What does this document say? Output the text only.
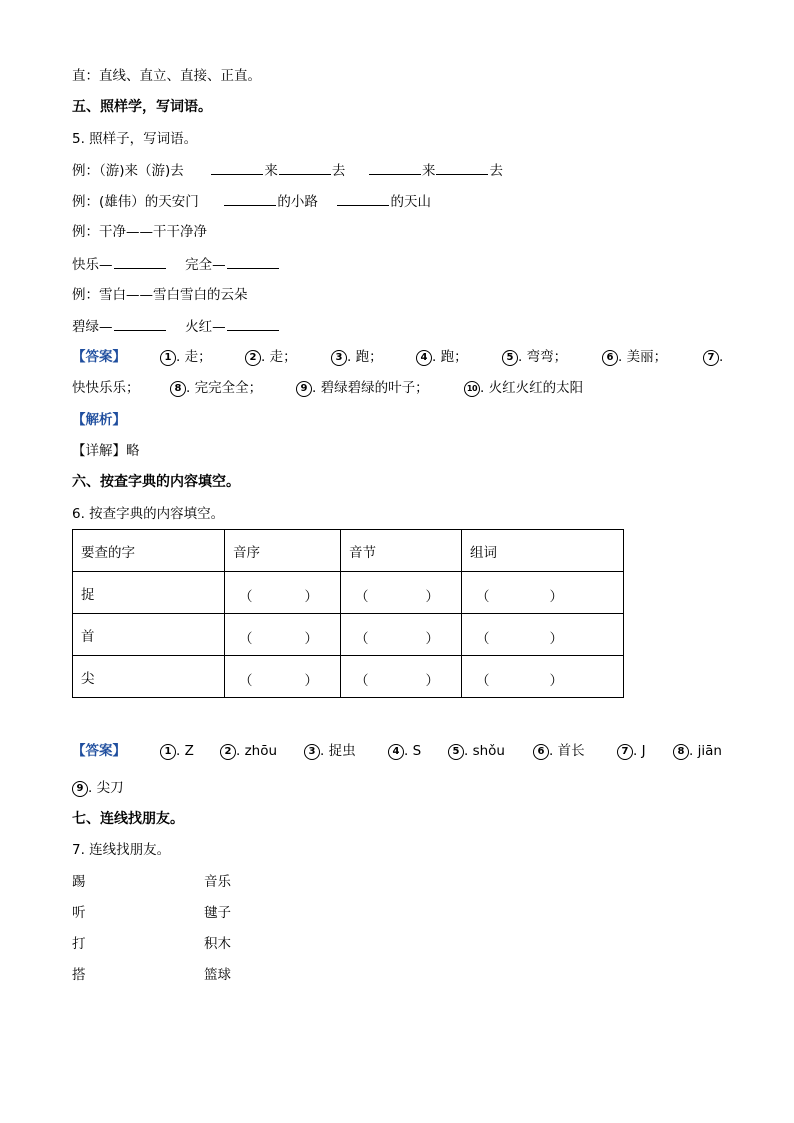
直：直线、直立、直接、正直。
五、照样学，写词语。
5. 照样子，写词语。
例：（游)来（游)去	来	去	来	去
例：(雄伟）的天安门	的小路	的天山
例：干净——干干净净
快乐—	完全—
例：雪白——雪白雪白的云朵
碧绿—	火红—
【答案】	1 . 走；	2 . 走；	3 . 跑；	4 . 跑；	5 . 弯弯；	6 . 美丽；	7 .
快快乐乐；	8 . 完完全全；	9 . 碧绿碧绿的叶子；	10 . 火红火红的太阳
【解析】
【详解】略
六、按查字典的内容填空。
6. 按查字典的内容填空。
要查的字	音序	音节	组词
捉	（ ）	（ ）	（ ）

首	（ ）	（ ）	（ ）

尖	（ ）	（ ）	（ ）
【答案】	1 . Z	2 . zhōu	3 . 捉虫	4 . S	5 . shǒu	6 . 首长	7 . J	8 . jiān
9 . 尖刀
七、连线找朋友。
7. 连线找朋友。
踢	音乐
听	毽子
打	积木
搭	篮球
